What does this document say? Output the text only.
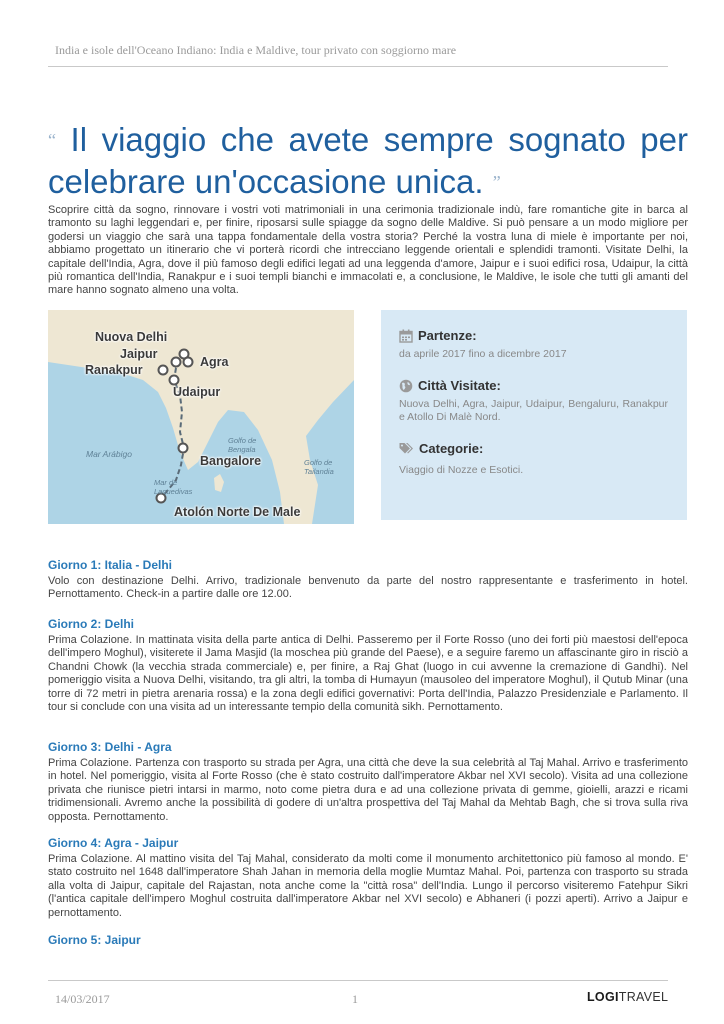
India e isole dell'Oceano Indiano: India e Maldive, tour privato con soggiorno mare
“ Il viaggio che avete sempre sognato per celebrare un'occasione unica. ”
Scoprire città da sogno, rinnovare i vostri voti matrimoniali in una cerimonia tradizionale indù, fare romantiche gite in barca al tramonto su laghi leggendari e, per finire, riposarsi sulle spiagge da sogno delle Maldive. Si può pensare a un modo migliore per godersi un viaggio che sarà una tappa fondamentale della vostra storia? Perché la vostra luna di miele è importante per noi, abbiamo progettato un itinerario che vi porterà ricordi che intrecciano leggende orientali e splendidi tramonti. Visitate Delhi, la capitale dell'India, Agra, dove il più famoso degli edifici legati ad una leggenda d'amore, Jaipur e i suoi edifici rosa, Udaipur, la città più romantica dell'India, Ranakpur e i suoi templi bianchi e immacolati e, a conclusione, le Maldive, le isole che tutti gli amanti del mare hanno sognato almeno una volta.
Nuova Delhi
Jaipur
Agra
Ranakpur
Udaipur
Bangalore
Atolón Norte De Male
Mar Arábigo
Golfo de
Bengala
Golfo de
Tailandia
Mar de
Laquedivas
Partenze:
da aprile 2017 fino a dicembre 2017
Città Visitate:
Nuova Delhi, Agra, Jaipur, Udaipur, Bengaluru, Ranakpur e Atollo Di Malè Nord.
Categorie:
Viaggio di Nozze e Esotici.
Giorno 1: Italia - Delhi
Volo con destinazione Delhi. Arrivo, tradizionale benvenuto da parte del nostro rappresentante e trasferimento in hotel. Pernottamento. Check-in a partire dalle ore 12.00.
Giorno 2: Delhi
Prima Colazione. In mattinata visita della parte antica di Delhi. Passeremo per il Forte Rosso (uno dei forti più maestosi dell'epoca dell'impero Moghul), visiterete il Jama Masjid (la moschea più grande del Paese), e a seguire faremo un affascinante giro in risciò a Chandni Chowk (la vecchia strada commerciale) e, per finire, a Raj Ghat (luogo in cui avvenne la cremazione di Gandhi). Nel pomeriggio visita a Nuova Delhi, visitando, tra gli altri, la tomba di Humayun (mausoleo del imperatore Moghul), il Qutub Minar (una torre di 72 metri in pietra arenaria rossa) e la zona degli edifici governativi: Porta dell'India, Palazzo Presidenziale e Parlamento. Il tour si conclude con una visita ad un interessante tempio della comunità sikh. Pernottamento.
Giorno 3: Delhi - Agra
Prima Colazione. Partenza con trasporto su strada per Agra, una città che deve la sua celebrità al Taj Mahal. Arrivo e trasferimento in hotel. Nel pomeriggio, visita al Forte Rosso (che è stato costruito dall'imperatore Akbar nel XVI secolo). Visita ad una collezione privata che riunisce pietri intarsi in marmo, noto come pietra dura e ad una collezione privata di gemme, gioielli, arazzi e ricami tridimensionali. Avremo anche la possibilità di godere di un'altra prospettiva del Taj Mahal da Mehtab Bagh, che si trova sulla riva opposta. Pernottamento.
Giorno 4: Agra - Jaipur
Prima Colazione. Al mattino visita del Taj Mahal, considerato da molti come il monumento architettonico più famoso al mondo. E' stato costruito nel 1648 dall'imperatore Shah Jahan in memoria della moglie Mumtaz Mahal. Poi, partenza con trasporto su strada alla volta di Jaipur, capitale del Rajastan, nota anche come la "città rosa" dell'India. Lungo il percorso visiteremo Fatehpur Sikri (l'antica capitale dell'impero Moghul costruita dall'imperatore Akbar nel XVI secolo) e Abhaneri (i pozzi aperti). Arrivo a Jaipur e pernottamento.
Giorno 5: Jaipur
14/03/2017	1	LOGITRAVEL
